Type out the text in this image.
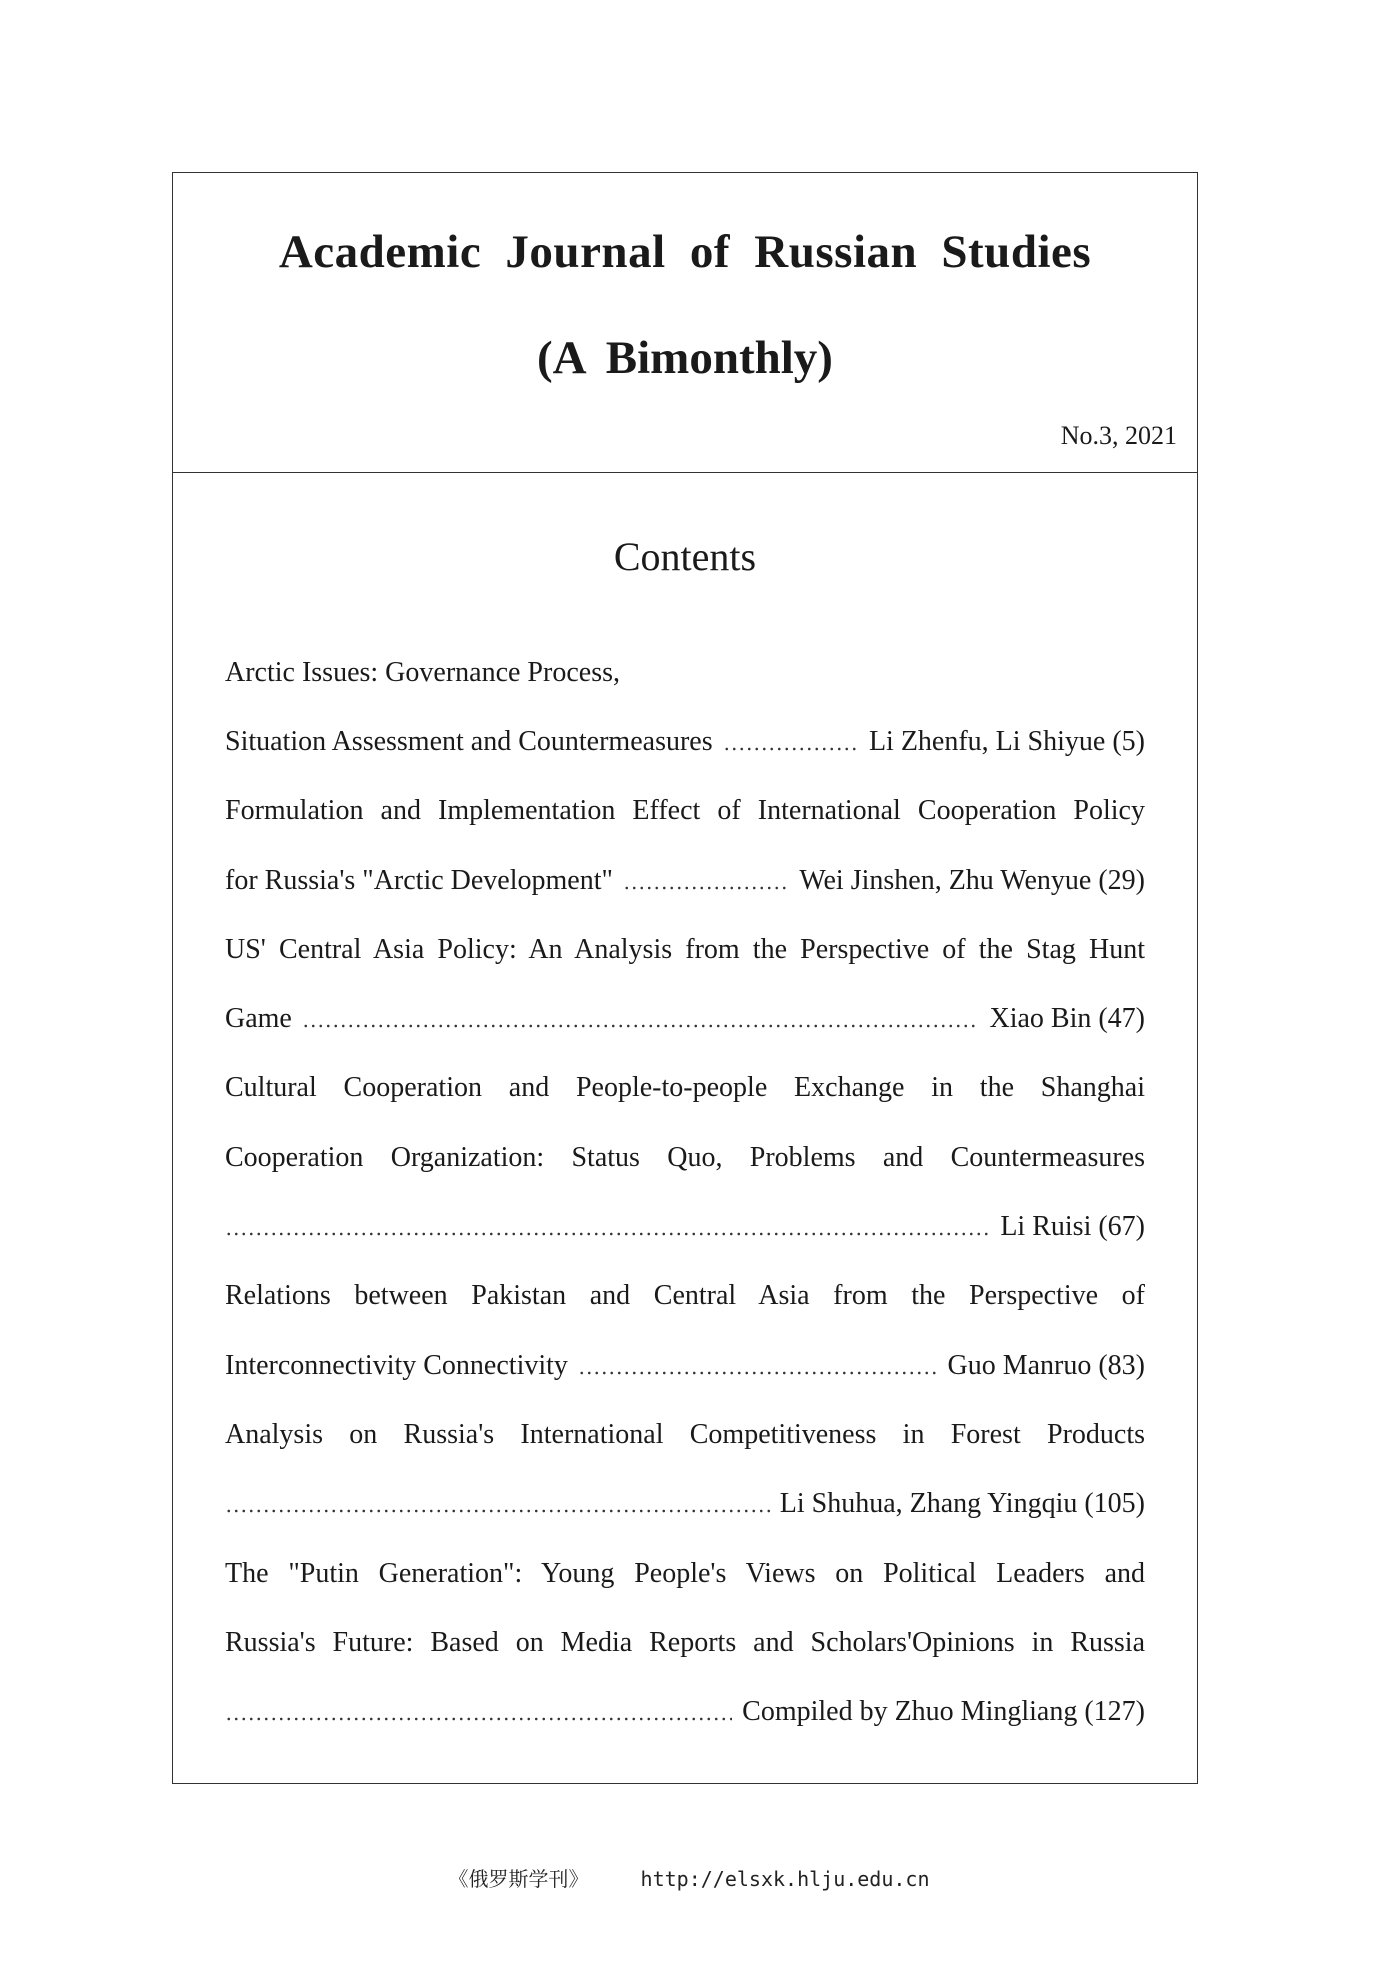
Academic Journal of Russian Studies
(A Bimonthly)
No.3, 2021
Contents
Arctic Issues: Governance Process,
Situation Assessment and Countermeasures	Li Zhenfu, Li Shiyue (5)
Formulation and Implementation Effect of International Cooperation Policy
for Russia's "Arctic Development"	Wei Jinshen, Zhu Wenyue (29)
US' Central Asia Policy: An Analysis from the Perspective of the Stag Hunt
Game	Xiao Bin (47)
Cultural Cooperation and People-to-people Exchange in the Shanghai
Cooperation Organization: Status Quo, Problems and Countermeasures
Li Ruisi (67)
Relations between Pakistan and Central Asia from the Perspective of
Interconnectivity Connectivity	Guo Manruo (83)
Analysis on Russia's International Competitiveness in Forest Products
Li Shuhua, Zhang Yingqiu (105)
The "Putin Generation": Young People's Views on Political Leaders and
Russia's Future: Based on Media Reports and Scholars'Opinions in Russia
Compiled by Zhuo Mingliang (127)
《俄罗斯学刊》	http://elsxk.hlju.edu.cn
